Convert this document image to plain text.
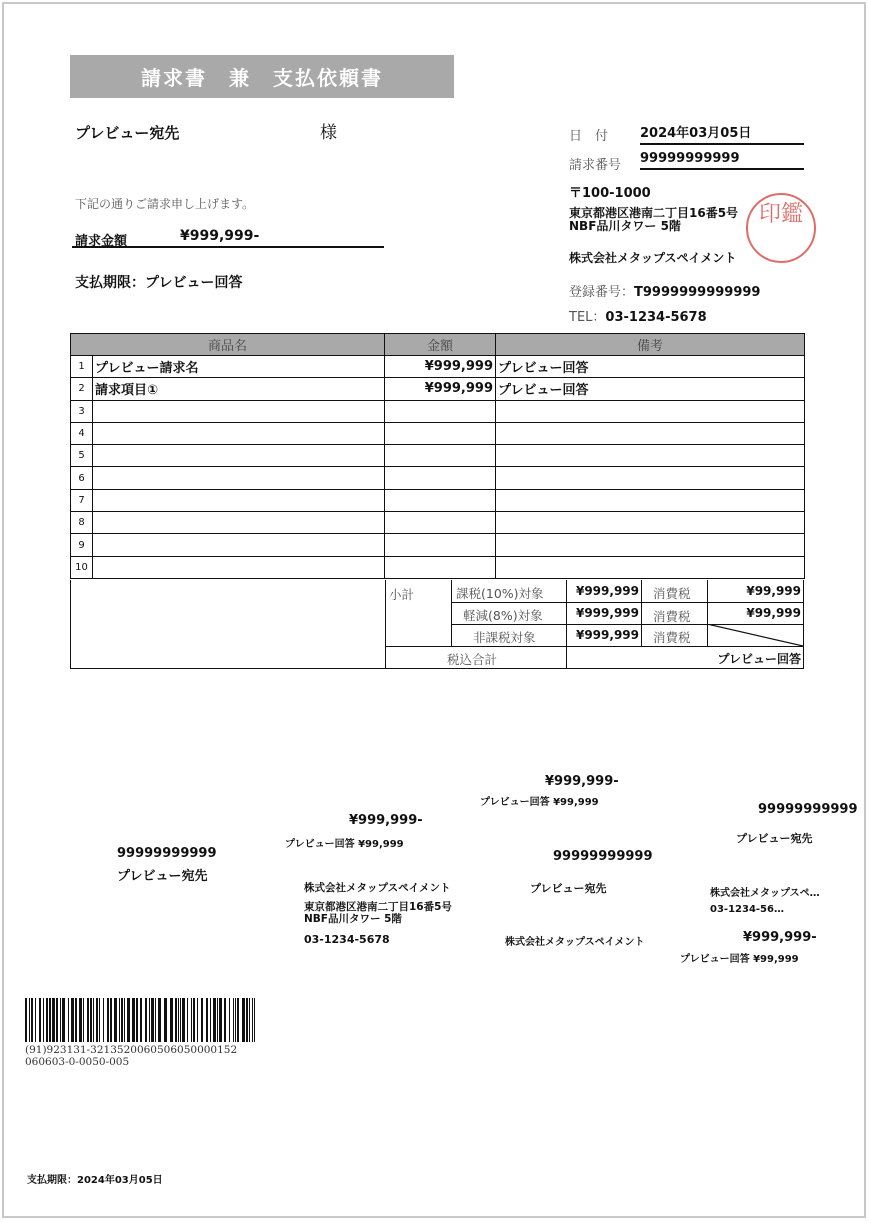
請求書　兼　支払依頼書
プレビュー宛先	様
下記の通りご請求申し上げます。
請求金額	¥999,999-
支払期限：プレビュー回答
日　付 2024年03月05日
請求番号 99999999999
〒100-1000
東京都港区港南二丁目16番5号
NBF品川タワー 5階
株式会社メタップスペイメント
印鑑
登録番号：T9999999999999
TEL：03-1234-5678
商品名		金額	備考
1	プレビュー請求名	¥999,999	プレビュー回答
2	請求項目①	¥999,999	プレビュー回答
3			
4			
5			
6			
7			
8			
9			
10			
小計	課税(10%)対象	¥999,999 消費税	¥99,999
軽減(8%)対象	¥999,999 消費税	¥99,999
非課税対象	¥999,999 消費税
税込合計	プレビュー回答
99999999999
プレビュー宛先
¥999,999-
プレビュー回答 ¥99,999
株式会社メタップスペイメント
東京都港区港南二丁目16番5号
NBF品川タワー 5階
03-1234-5678
¥999,999-
プレビュー回答 ¥99,999
99999999999
プレビュー宛先
株式会社メタップスペイメント
99999999999
プレビュー宛先
株式会社メタップスペ…
03-1234-56…
¥999,999-
プレビュー回答 ¥99,999
(91)923131-3213520060506050000152
060603-0-0050-005
支払期限：2024年03月05日
